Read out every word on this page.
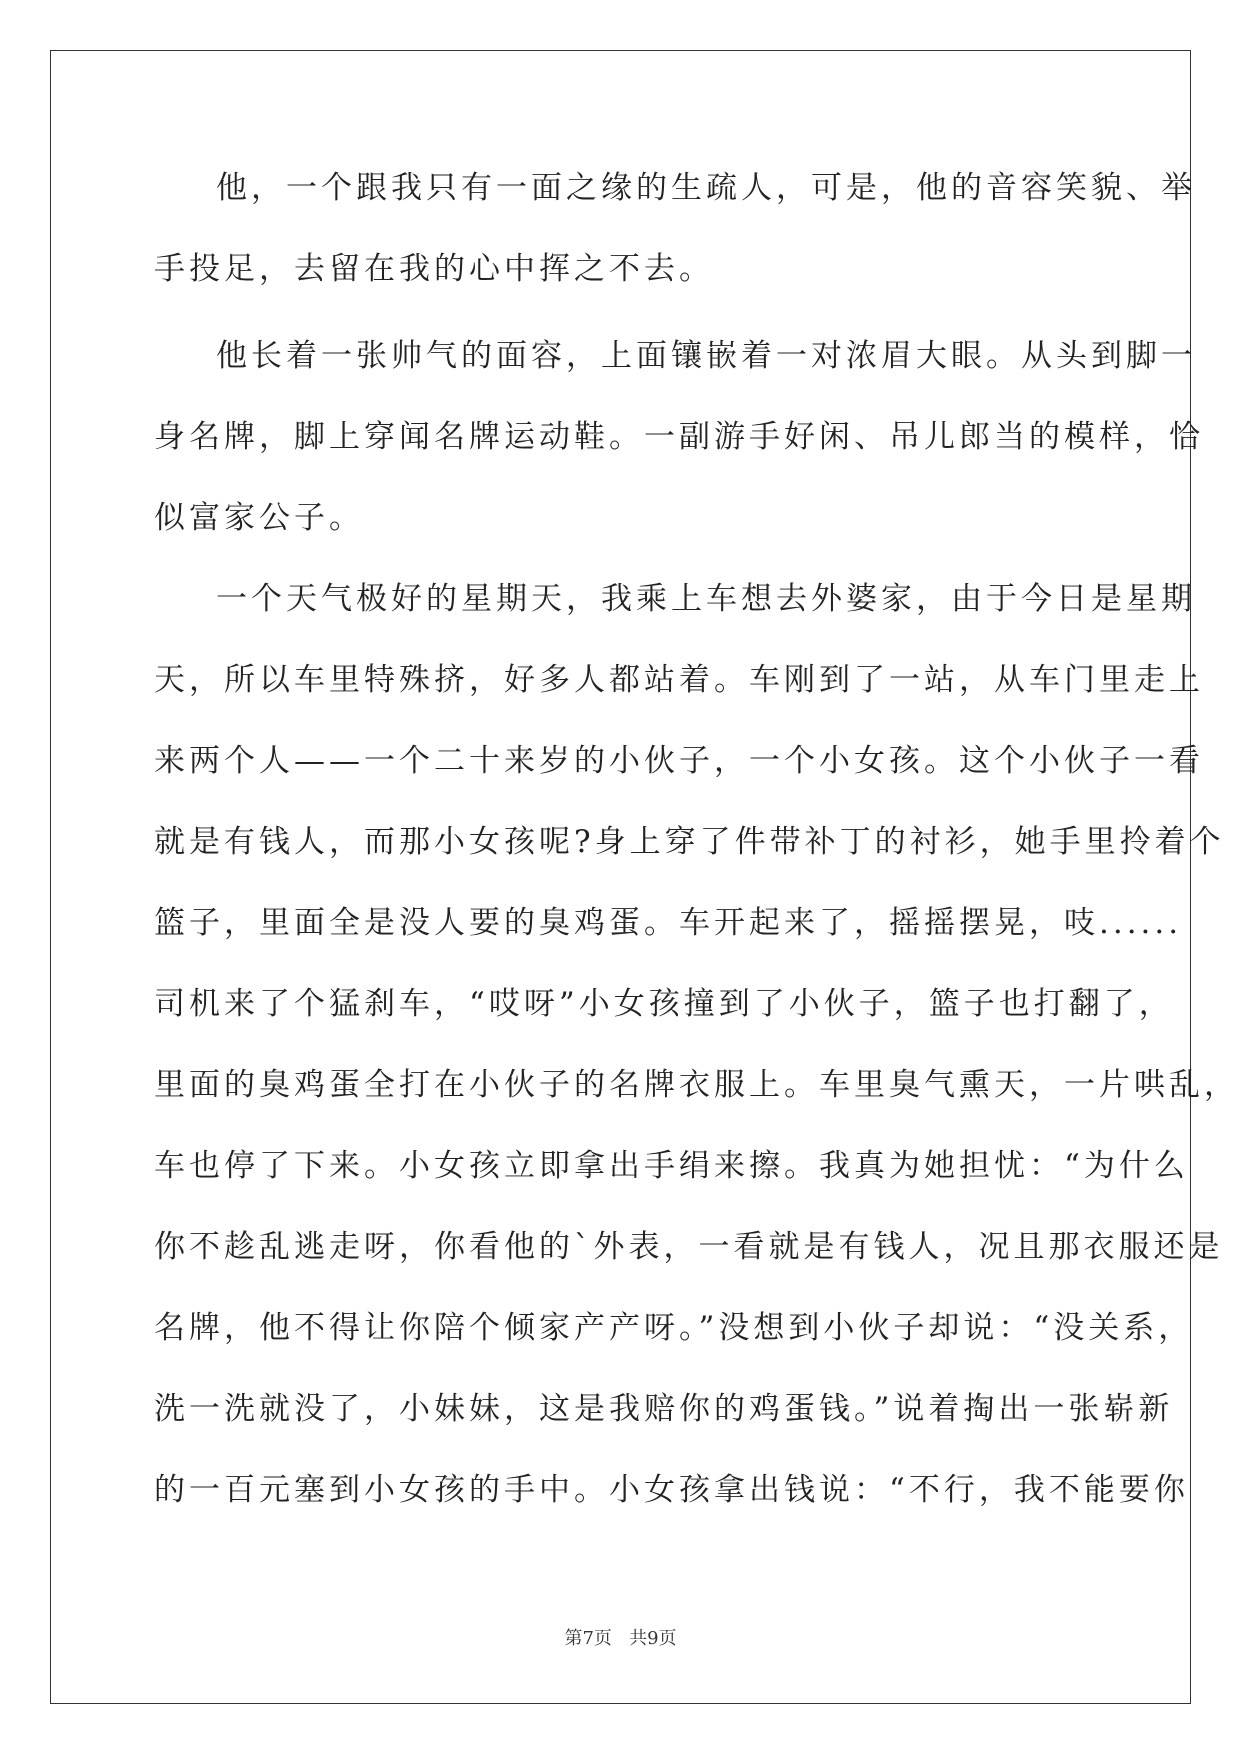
他，一个跟我只有一面之缘的生疏人，可是，他的音容笑貌、举
手投足，去留在我的心中挥之不去。
他长着一张帅气的面容，上面镶嵌着一对浓眉大眼。从头到脚一
身名牌，脚上穿闻名牌运动鞋。一副游手好闲、吊儿郎当的模样，恰
似富家公子。
一个天气极好的星期天，我乘上车想去外婆家，由于今日是星期
天，所以车里特殊挤，好多人都站着。车刚到了一站，从车门里走上
来两个人——一个二十来岁的小伙子，一个小女孩。这个小伙子一看
就是有钱人，而那小女孩呢?身上穿了件带补丁的衬衫，她手里拎着个
篮子，里面全是没人要的臭鸡蛋。车开起来了，摇摇摆晃，吱......
司机来了个猛刹车，“哎呀”小女孩撞到了小伙子，篮子也打翻了，
里面的臭鸡蛋全打在小伙子的名牌衣服上。车里臭气熏天，一片哄乱，
车也停了下来。小女孩立即拿出手绢来擦。我真为她担忧：“为什么
你不趁乱逃走呀，你看他的`外表，一看就是有钱人，况且那衣服还是
名牌，他不得让你陪个倾家产产呀。”没想到小伙子却说：“没关系，
洗一洗就没了，小妹妹，这是我赔你的鸡蛋钱。”说着掏出一张崭新
的一百元塞到小女孩的手中。小女孩拿出钱说：“不行，我不能要你
第7页 共9页
